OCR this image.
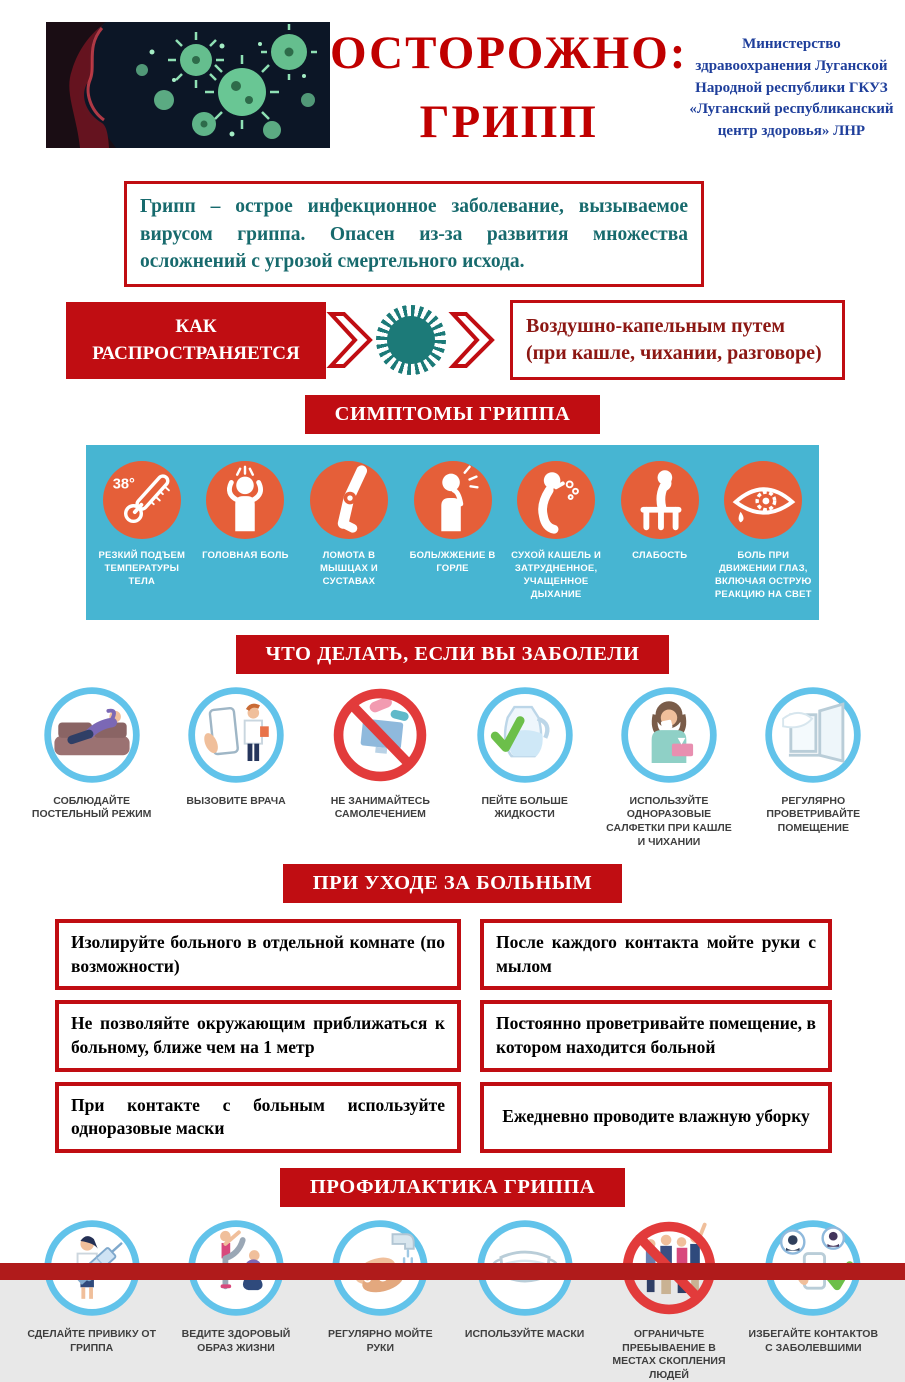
ОСТОРОЖНО:
ГРИПП
Министерство здравоохранения Луганской Народной республики ГКУЗ «Луганский республиканский центр здоровья» ЛНР
Грипп – острое инфекционное заболевание, вызываемое вирусом гриппа. Опасен из-за развития множества осложнений с угрозой смертельного исхода.
КАК РАСПРОСТРАНЯЕТСЯ
Воздушно-капельным путем (при кашле, чихании, разговоре)
СИМПТОМЫ ГРИППА
38°
РЕЗКИЙ ПОДЪЕМ ТЕМПЕРАТУРЫ ТЕЛА
ГОЛОВНАЯ БОЛЬ	ЛОМОТА В МЫШЦАХ И СУСТАВАХ
БОЛЬ/ЖЖЕНИЕ В ГОРЛЕ
СУХОЙ КАШЕЛЬ И ЗАТРУДНЕННОЕ, УЧАЩЕННОЕ ДЫХАНИЕ
СЛАБОСТЬ	БОЛЬ ПРИ ДВИЖЕНИИ ГЛАЗ, ВКЛЮЧАЯ ОСТРУЮ РЕАКЦИЮ НА СВЕТ
ЧТО ДЕЛАТЬ, ЕСЛИ ВЫ ЗАБОЛЕЛИ
СОБЛЮДАЙТЕ ПОСТЕЛЬНЫЙ РЕЖИМ
ВЫЗОВИТЕ ВРАЧА	НЕ ЗАНИМАЙТЕСЬ САМОЛЕЧЕНИЕМ
ПЕЙТЕ БОЛЬШЕ ЖИДКОСТИ
ИСПОЛЬЗУЙТЕ ОДНОРАЗОВЫЕ САЛФЕТКИ ПРИ КАШЛЕ И ЧИХАНИИ
РЕГУЛЯРНО ПРОВЕТРИВАЙТЕ ПОМЕЩЕНИЕ
ПРИ УХОДЕ ЗА БОЛЬНЫМ
Изолируйте больного в отдельной комнате (по возможности)
После каждого контакта мойте руки с мылом
Не позволяйте окружающим приближаться к больному, ближе чем на 1 метр
Постоянно проветривайте помещение, в котором находится больной
При контакте с больным используйте одноразовые маски
Ежедневно проводите влажную уборку
ПРОФИЛАКТИКА ГРИППА
СДЕЛАЙТЕ ПРИВИКУ ОТ ГРИППА
ВЕДИТЕ ЗДОРОВЫЙ ОБРАЗ ЖИЗНИ
РЕГУЛЯРНО МОЙТЕ РУКИ
ИСПОЛЬЗУЙТЕ МАСКИ	ОГРАНИЧЬТЕ ПРЕБЫВАЕНИЕ В МЕСТАХ СКОПЛЕНИЯ ЛЮДЕЙ
ИЗБЕГАЙТЕ КОНТАКТОВ С ЗАБОЛЕВШИМИ
